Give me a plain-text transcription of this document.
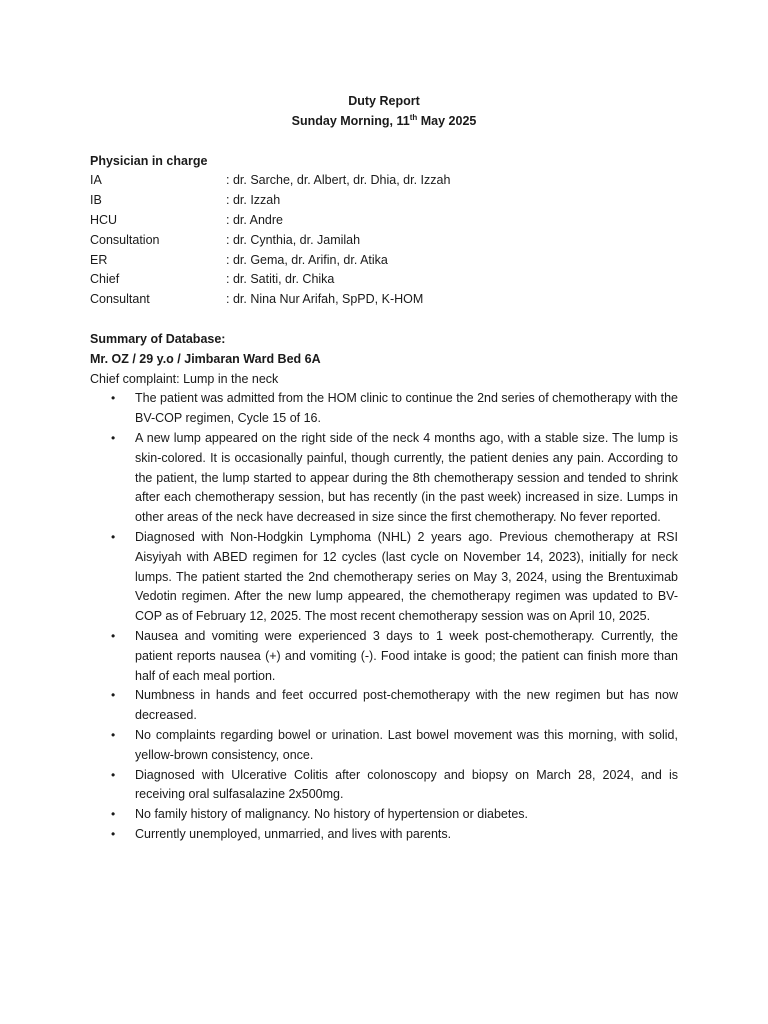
Duty Report
Sunday Morning, 11th May 2025
Physician in charge
IA	: dr. Sarche, dr. Albert, dr. Dhia, dr. Izzah
IB	: dr. Izzah
HCU	: dr. Andre
Consultation	: dr. Cynthia, dr. Jamilah
ER	: dr. Gema, dr. Arifin, dr. Atika
Chief	: dr. Satiti, dr. Chika
Consultant	: dr. Nina Nur Arifah, SpPD, K-HOM
Summary of Database:
Mr. OZ / 29 y.o / Jimbaran Ward Bed 6A
Chief complaint: Lump in the neck
• The patient was admitted from the HOM clinic to continue the 2nd series of chemotherapy with the BV-COP regimen, Cycle 15 of 16.
• A new lump appeared on the right side of the neck 4 months ago, with a stable size. The lump is skin-colored. It is occasionally painful, though currently, the patient denies any pain. According to the patient, the lump started to appear during the 8th chemotherapy session and tended to shrink after each chemotherapy session, but has recently (in the past week) increased in size. Lumps in other areas of the neck have decreased in size since the first chemotherapy. No fever reported.
• Diagnosed with Non-Hodgkin Lymphoma (NHL) 2 years ago. Previous chemotherapy at RSI Aisyiyah with ABED regimen for 12 cycles (last cycle on November 14, 2023), initially for neck lumps. The patient started the 2nd chemotherapy series on May 3, 2024, using the Brentuximab Vedotin regimen. After the new lump appeared, the chemotherapy regimen was updated to BV-COP as of February 12, 2025. The most recent chemotherapy session was on April 10, 2025.
• Nausea and vomiting were experienced 3 days to 1 week post-chemotherapy. Currently, the patient reports nausea (+) and vomiting (-). Food intake is good; the patient can finish more than half of each meal portion.
• Numbness in hands and feet occurred post-chemotherapy with the new regimen but has now decreased.
• No complaints regarding bowel or urination. Last bowel movement was this morning, with solid, yellow-brown consistency, once.
• Diagnosed with Ulcerative Colitis after colonoscopy and biopsy on March 28, 2024, and is receiving oral sulfasalazine 2x500mg.
• No family history of malignancy. No history of hypertension or diabetes.
• Currently unemployed, unmarried, and lives with parents.
